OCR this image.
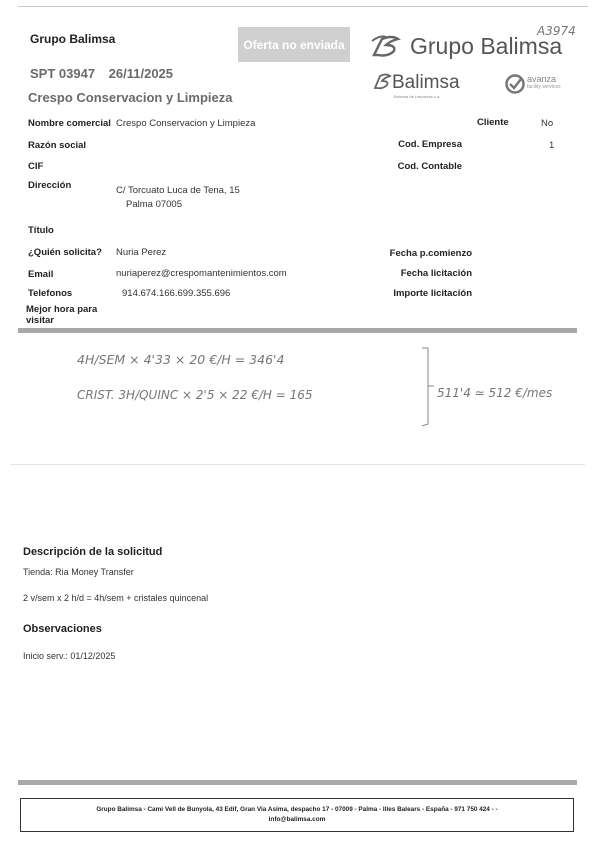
Grupo Balimsa	Oferta no enviada
SPT 03947 26/11/2025
Crespo Conservacion y Limpieza
Grupo Balimsa
Balimsa
Balimsa de Limpiezas s.a.
avanza
facility services
A3974
Nombre comercial Crespo Conservacion y Limpieza	Cliente	No
Razón social	Cod. Empresa	1
CIF	Cod. Contable
Dirección	C/ Torcuato Luca de Tena, 15
Palma 07005
Título
¿Quién solicita? Nuria Perez	Fecha p.comienzo
Email	nuriaperez@crespomantenimientos.com	Fecha licitación
Telefonos	914.674.166.699.355.696	Importe licitación
Mejor hora para
visitar
4H/SEM × 4'33 × 20 €/H = 346'4
CRIST. 3H/QUINC × 2'5 × 22 €/H = 165	511'4 ≃ 512 €/mes
Descripción de la solicitud
Tienda: Ria Money Transfer
2 v/sem x 2 h/d = 4h/sem + cristales quincenal
Observaciones
Inicio serv.: 01/12/2025
Grupo Balimsa - Cami Vell de Bunyola, 43 Edif, Gran Via Asima, despacho 17 - 07009 - Palma - Illes Balears - España - 971 750 424 - -
info@balimsa.com
